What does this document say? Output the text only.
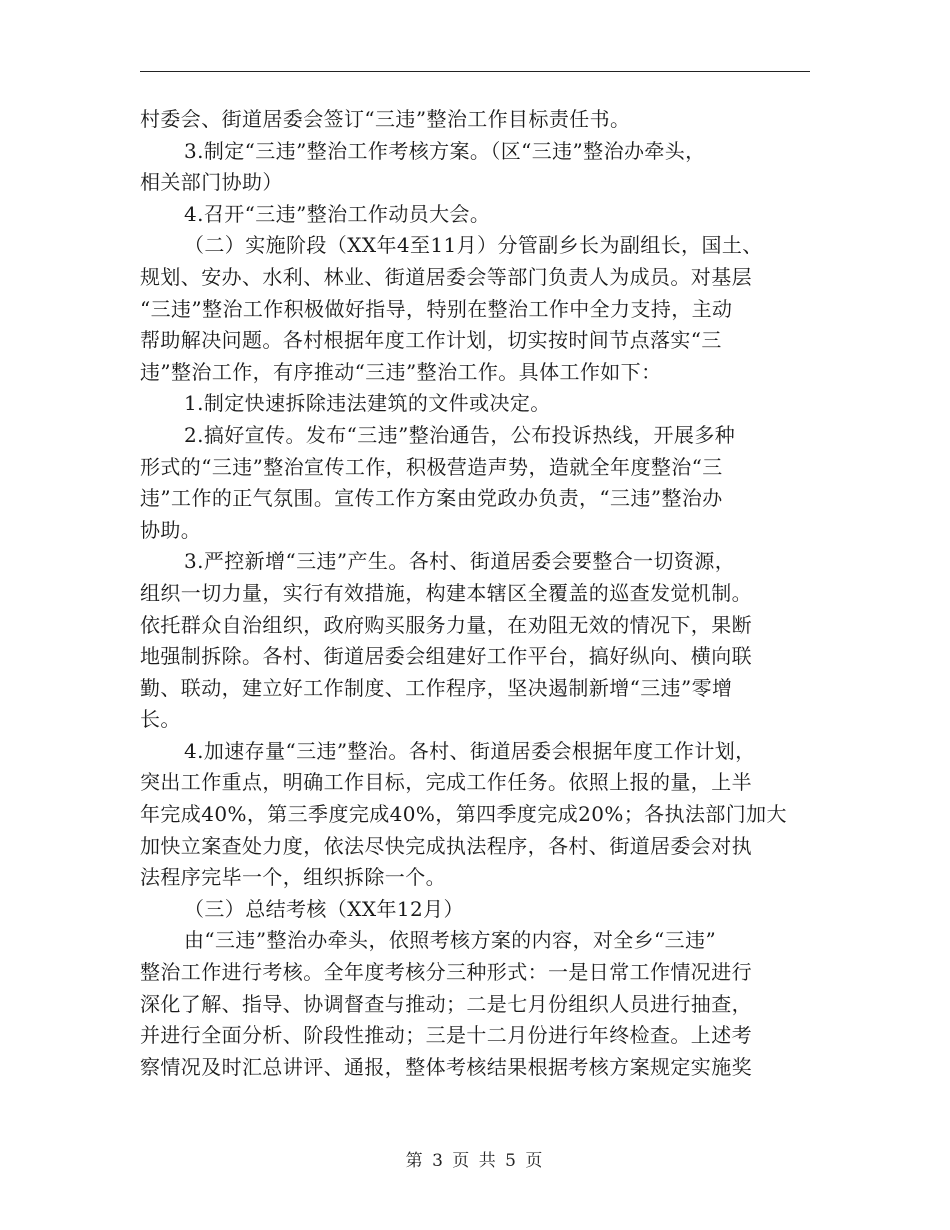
村委会、街道居委会签订“三违”整治工作目标责任书。

3.制定“三违”整治工作考核方案。（区“三违”整治办牵头，

相关部门协助）

4.召开“三违”整治工作动员大会。

（二）实施阶段（XX年4至11月）分管副乡长为副组长，国土、

规划、安办、水利、林业、街道居委会等部门负责人为成员。对基层

“三违”整治工作积极做好指导，特别在整治工作中全力支持，主动

帮助解决问题。各村根据年度工作计划，切实按时间节点落实“三

违”整治工作，有序推动“三违”整治工作。具体工作如下：

1.制定快速拆除违法建筑的文件或决定。

2.搞好宣传。发布“三违”整治通告，公布投诉热线，开展多种

形式的“三违”整治宣传工作，积极营造声势，造就全年度整治“三

违”工作的正气氛围。宣传工作方案由党政办负责，“三违”整治办

协助。

3.严控新增“三违”产生。各村、街道居委会要整合一切资源，

组织一切力量，实行有效措施，构建本辖区全覆盖的巡查发觉机制。

依托群众自治组织，政府购买服务力量，在劝阻无效的情况下，果断

地强制拆除。各村、街道居委会组建好工作平台，搞好纵向、横向联

勤、联动，建立好工作制度、工作程序，坚决遏制新增“三违”零增

长。

4.加速存量“三违”整治。各村、街道居委会根据年度工作计划，

突出工作重点，明确工作目标，完成工作任务。依照上报的量，上半

年完成40%，第三季度完成40%，第四季度完成20%；各执法部门加大

加快立案查处力度，依法尽快完成执法程序，各村、街道居委会对执

法程序完毕一个，组织拆除一个。

（三）总结考核（XX年12月）

由“三违”整治办牵头，依照考核方案的内容，对全乡“三违”

整治工作进行考核。全年度考核分三种形式：一是日常工作情况进行

深化了解、指导、协调督查与推动；二是七月份组织人员进行抽查，

并进行全面分析、阶段性推动；三是十二月份进行年终检查。上述考

察情况及时汇总讲评、通报，整体考核结果根据考核方案规定实施奖

第 3 页 共 5 页
